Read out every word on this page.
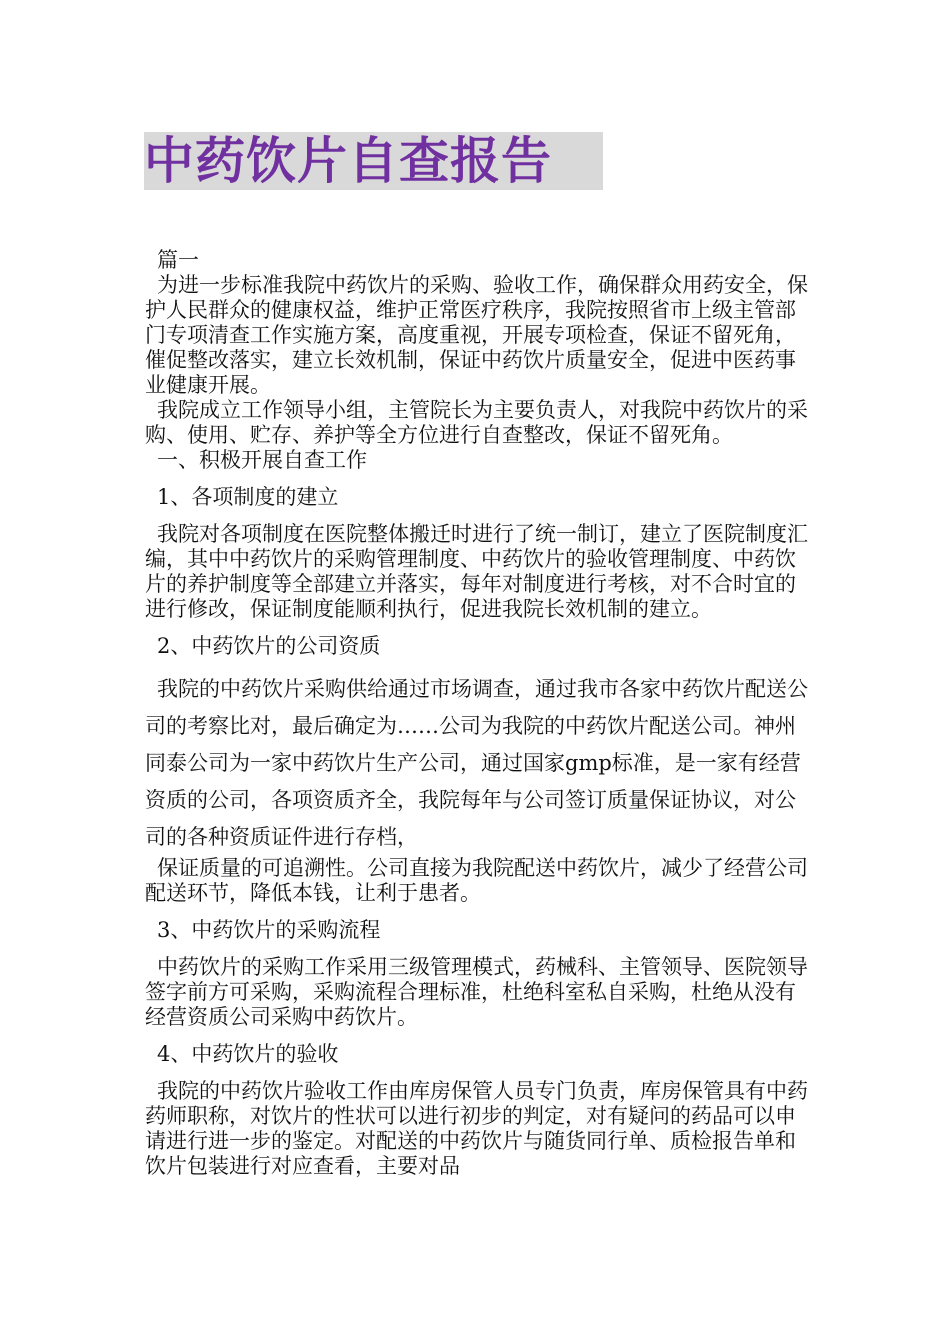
中药饮片自查报告

篇一

为进一步标准我院中药饮片的采购、验收工作，确保群众用药安全，保护人民群众的健康权益，维护正常医疗秩序，我院按照省市上级主管部门专项清查工作实施方案，高度重视，开展专项检查，保证不留死角，催促整改落实，建立长效机制，保证中药饮片质量安全，促进中医药事业健康开展。

我院成立工作领导小组，主管院长为主要负责人，对我院中药饮片的采购、使用、贮存、养护等全方位进行自查整改，保证不留死角。

一、积极开展自查工作

1、各项制度的建立

我院对各项制度在医院整体搬迁时进行了统一制订，建立了医院制度汇编，其中中药饮片的采购管理制度、中药饮片的验收管理制度、中药饮片的养护制度等全部建立并落实，每年对制度进行考核，对不合时宜的进行修改，保证制度能顺利执行，促进我院长效机制的建立。

2、中药饮片的公司资质

我院的中药饮片采购供给通过市场调查，通过我市各家中药饮片配送公司的考察比对，最后确定为……公司为我院的中药饮片配送公司。神州同泰公司为一家中药饮片生产公司，通过国家gmp标准，是一家有经营资质的公司，各项资质齐全，我院每年与公司签订质量保证协议，对公司的各种资质证件进行存档，

保证质量的可追溯性。公司直接为我院配送中药饮片，减少了经营公司配送环节，降低本钱，让利于患者。

3、中药饮片的采购流程

中药饮片的采购工作采用三级管理模式，药械科、主管领导、医院领导签字前方可采购，采购流程合理标准，杜绝科室私自采购，杜绝从没有经营资质公司采购中药饮片。

4、中药饮片的验收

我院的中药饮片验收工作由库房保管人员专门负责，库房保管具有中药药师职称，对饮片的性状可以进行初步的判定，对有疑问的药品可以申请进行进一步的鉴定。对配送的中药饮片与随货同行单、质检报告单和饮片包装进行对应查看，主要对品
